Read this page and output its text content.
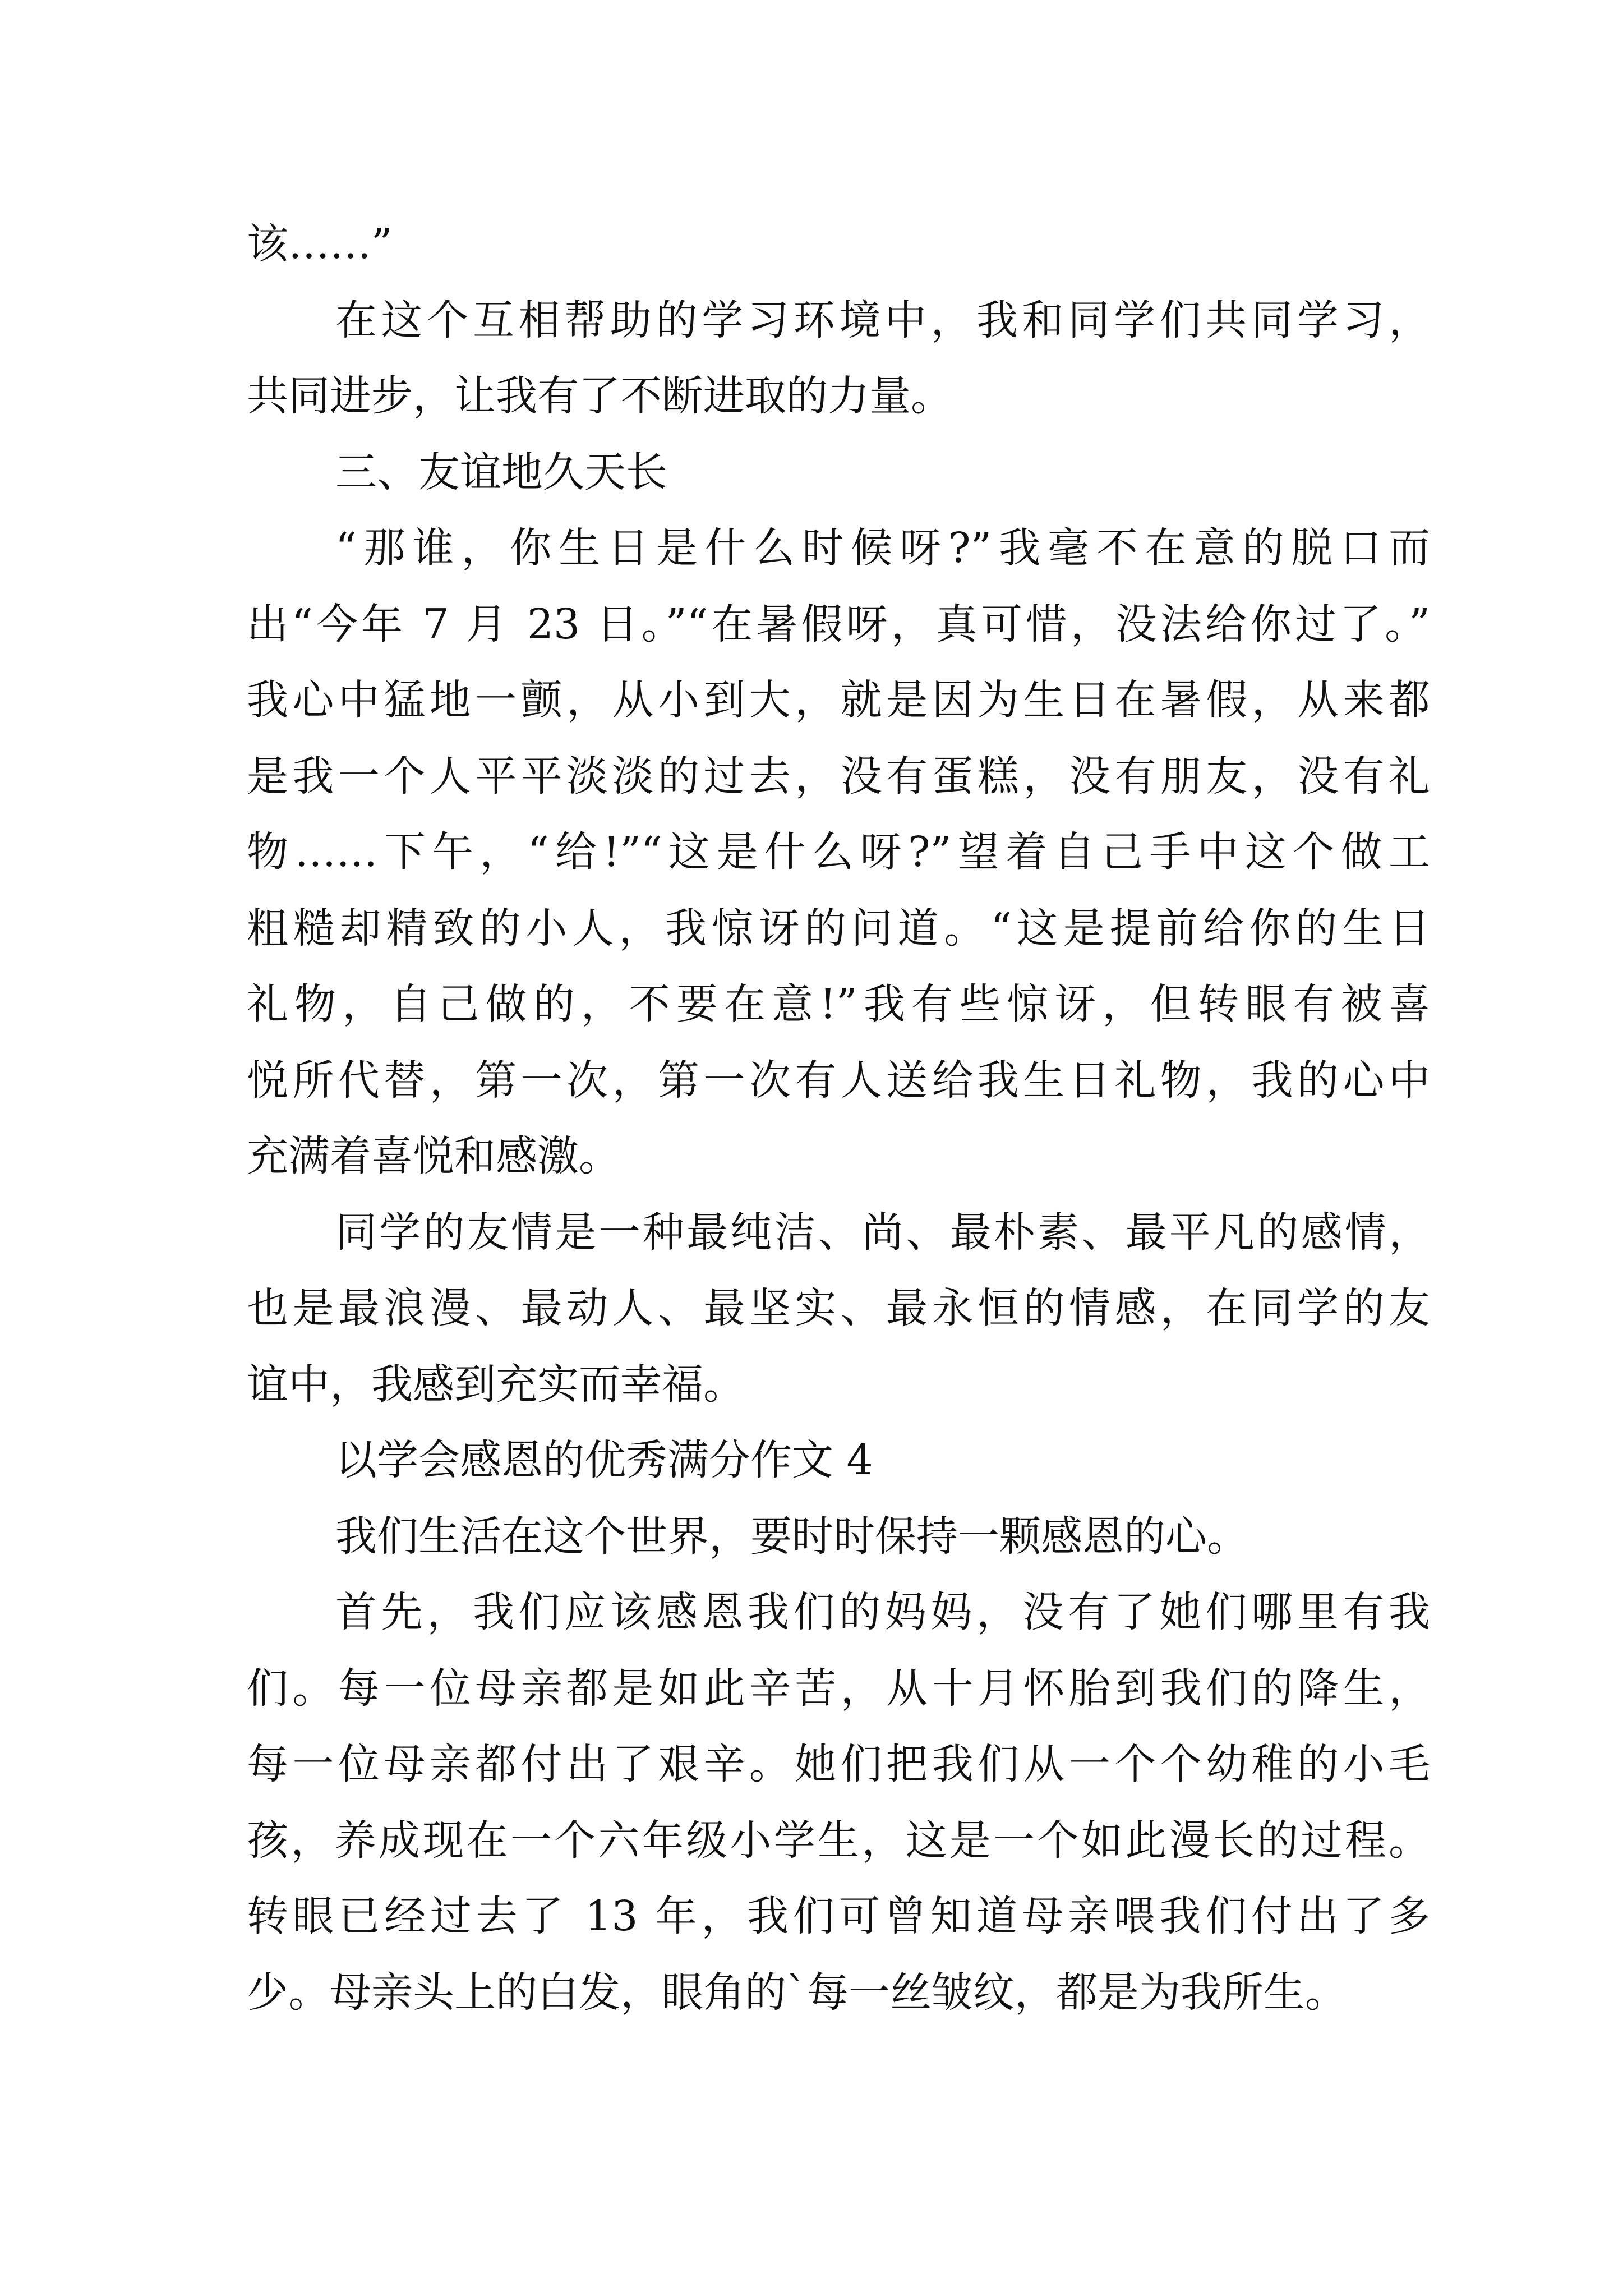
该……”
在这个互相帮助的学习环境中，我和同学们共同学习，
共同进步，让我有了不断进取的力量。
三、友谊地久天长
“那谁，你生日是什么时候呀?”我毫不在意的脱口而
出“今年 7 月 23 日。”“在暑假呀，真可惜，没法给你过了。”
我心中猛地一颤，从小到大，就是因为生日在暑假，从来都
是我一个人平平淡淡的过去，没有蛋糕，没有朋友，没有礼
物……下午，“给!”“这是什么呀?”望着自己手中这个做工
粗糙却精致的小人，我惊讶的问道。“这是提前给你的生日
礼物，自己做的，不要在意!”我有些惊讶，但转眼有被喜
悦所代替，第一次，第一次有人送给我生日礼物，我的心中
充满着喜悦和感激。
同学的友情是一种最纯洁、尚、最朴素、最平凡的感情，
也是最浪漫、最动人、最坚实、最永恒的情感，在同学的友
谊中，我感到充实而幸福。
以学会感恩的优秀满分作文 4
我们生活在这个世界，要时时保持一颗感恩的心。
首先，我们应该感恩我们的妈妈，没有了她们哪里有我
们。每一位母亲都是如此辛苦，从十月怀胎到我们的降生，
每一位母亲都付出了艰辛。她们把我们从一个个幼稚的小毛
孩，养成现在一个六年级小学生，这是一个如此漫长的过程。
转眼已经过去了 13 年，我们可曾知道母亲喂我们付出了多
少。母亲头上的白发，眼角的`每一丝皱纹，都是为我所生。
